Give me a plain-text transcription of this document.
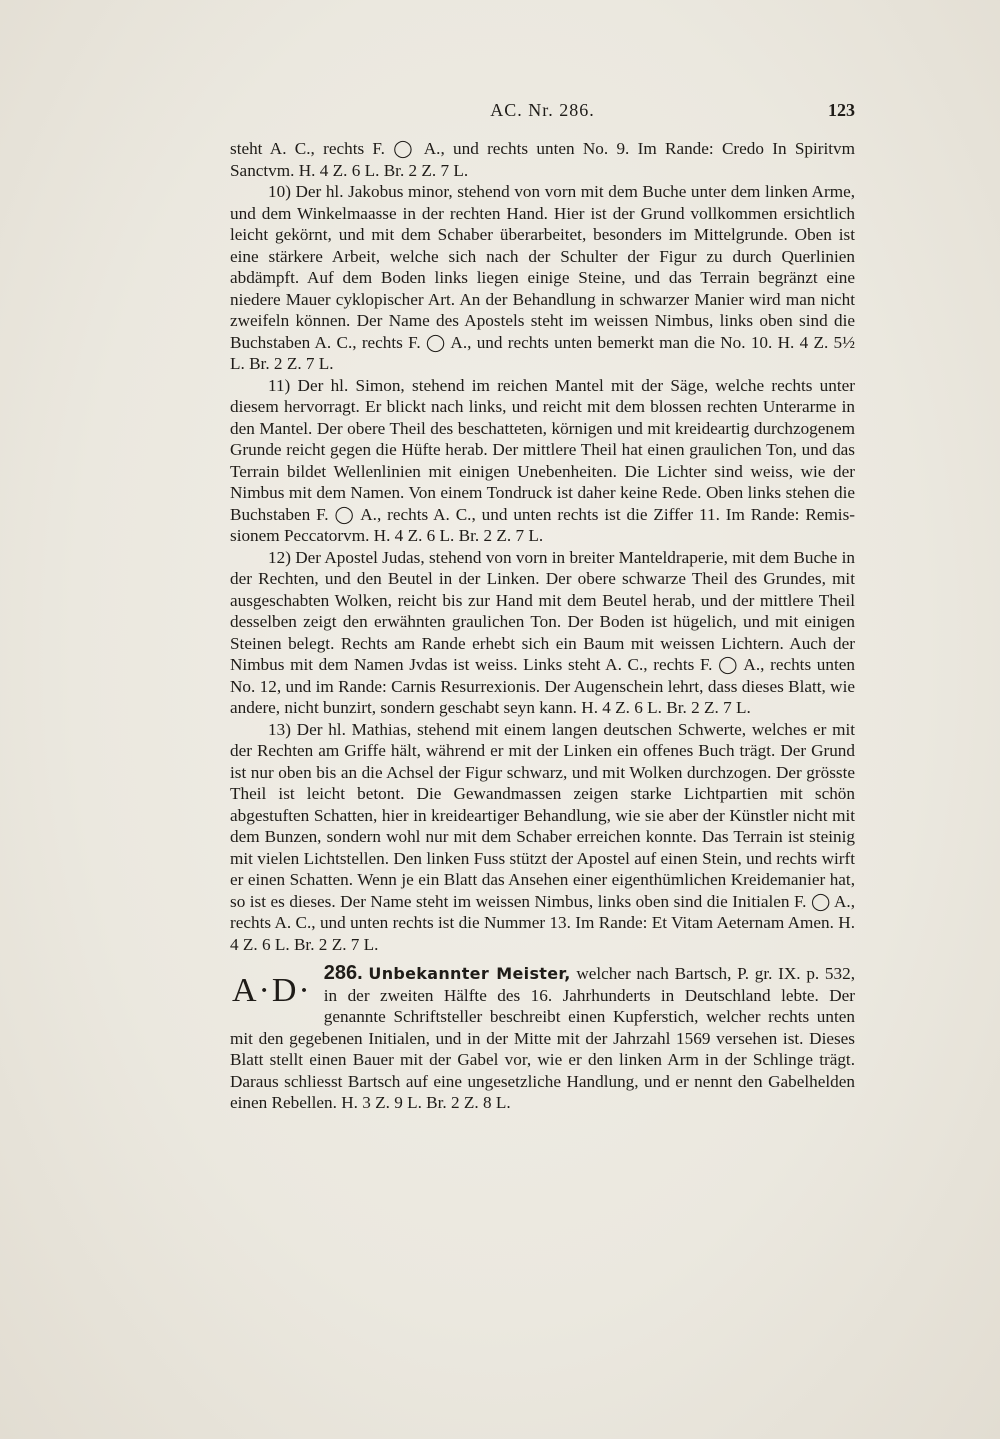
AC. Nr. 286.	123

steht A. C., rechts F. ◯ A., und rechts unten No. 9. Im Rande: Credo In Spiritvm Sanctvm. H. 4 Z. 6 L. Br. 2 Z. 7 L.

10) Der hl. Jakobus minor, stehend von vorn mit dem Buche unter dem linken Arme, und dem Winkelmaasse in der rechten Hand. Hier ist der Grund vollkommen ersichtlich leicht gekörnt, und mit dem Schaber überarbeitet, besonders im Mittelgrunde. Oben ist eine stärkere Arbeit, welche sich nach der Schulter der Figur zu durch Querlinien abdämpft. Auf dem Boden links liegen einige Steine, und das Terrain begränzt eine niedere Mauer cyklopischer Art. An der Behandlung in schwarzer Manier wird man nicht zweifeln können. Der Name des Apostels steht im weissen Nimbus, links oben sind die Buchstaben A. C., rechts F. ◯ A., und rechts unten bemerkt man die No. 10. H. 4 Z. 5½ L. Br. 2 Z. 7 L.

11) Der hl. Simon, stehend im reichen Mantel mit der Säge, welche rechts unter diesem hervorragt. Er blickt nach links, und reicht mit dem blossen rechten Unterarme in den Mantel. Der obere Theil des beschatteten, körnigen und mit kreideartig durchzogenem Grunde reicht gegen die Hüfte herab. Der mittlere Theil hat einen graulichen Ton, und das Terrain bildet Wellenlinien mit einigen Unebenheiten. Die Lichter sind weiss, wie der Nimbus mit dem Namen. Von einem Tondruck ist daher keine Rede. Oben links stehen die Buchstaben F. ◯ A., rechts A. C., und unten rechts ist die Ziffer 11. Im Rande: Remissionem Peccatorvm. H. 4 Z. 6 L. Br. 2 Z. 7 L.

12) Der Apostel Judas, stehend von vorn in breiter Manteldraperie, mit dem Buche in der Rechten, und den Beutel in der Linken. Der obere schwarze Theil des Grundes, mit ausgeschabten Wolken, reicht bis zur Hand mit dem Beutel herab, und der mittlere Theil desselben zeigt den erwähnten graulichen Ton. Der Boden ist hügelich, und mit einigen Steinen belegt. Rechts am Rande erhebt sich ein Baum mit weissen Lichtern. Auch der Nimbus mit dem Namen Jvdas ist weiss. Links steht A. C., rechts F. ◯ A., rechts unten No. 12, und im Rande: Carnis Resurrexionis. Der Augenschein lehrt, dass dieses Blatt, wie andere, nicht bunzirt, sondern geschabt seyn kann. H. 4 Z. 6 L. Br. 2 Z. 7 L.

13) Der hl. Mathias, stehend mit einem langen deutschen Schwerte, welches er mit der Rechten am Griffe hält, während er mit der Linken ein offenes Buch trägt. Der Grund ist nur oben bis an die Achsel der Figur schwarz, und mit Wolken durchzogen. Der grösste Theil ist leicht betont. Die Gewandmassen zeigen starke Lichtpartien mit schön abgestuften Schatten, hier in kreideartiger Behandlung, wie sie aber der Künstler nicht mit dem Bunzen, sondern wohl nur mit dem Schaber erreichen konnte. Das Terrain ist steinig mit vielen Lichtstellen. Den linken Fuss stützt der Apostel auf einen Stein, und rechts wirft er einen Schatten. Wenn je ein Blatt das Ansehen einer eigenthümlichen Kreidemanier hat, so ist es dieses. Der Name steht im weissen Nimbus, links oben sind die Initialen F. ◯ A., rechts A. C., und unten rechts ist die Nummer 13. Im Rande: Et Vitam Aeternam Amen. H. 4 Z. 6 L. Br. 2 Z. 7 L.

A·D· 286. Unbekannter Meister, welcher nach Bartsch, P. gr. IX. p. 532, in der zweiten Hälfte des 16. Jahrhunderts in Deutschland lebte. Der genannte Schriftsteller beschreibt einen Kupferstich, welcher rechts unten mit den gegebenen Initialen, und in der Mitte mit der Jahrzahl 1569 versehen ist. Dieses Blatt stellt einen Bauer mit der Gabel vor, wie er den linken Arm in der Schlinge trägt. Daraus schliesst Bartsch auf eine ungesetzliche Handlung, und er nennt den Gabelhelden einen Rebellen. H. 3 Z. 9 L. Br. 2 Z. 8 L.
